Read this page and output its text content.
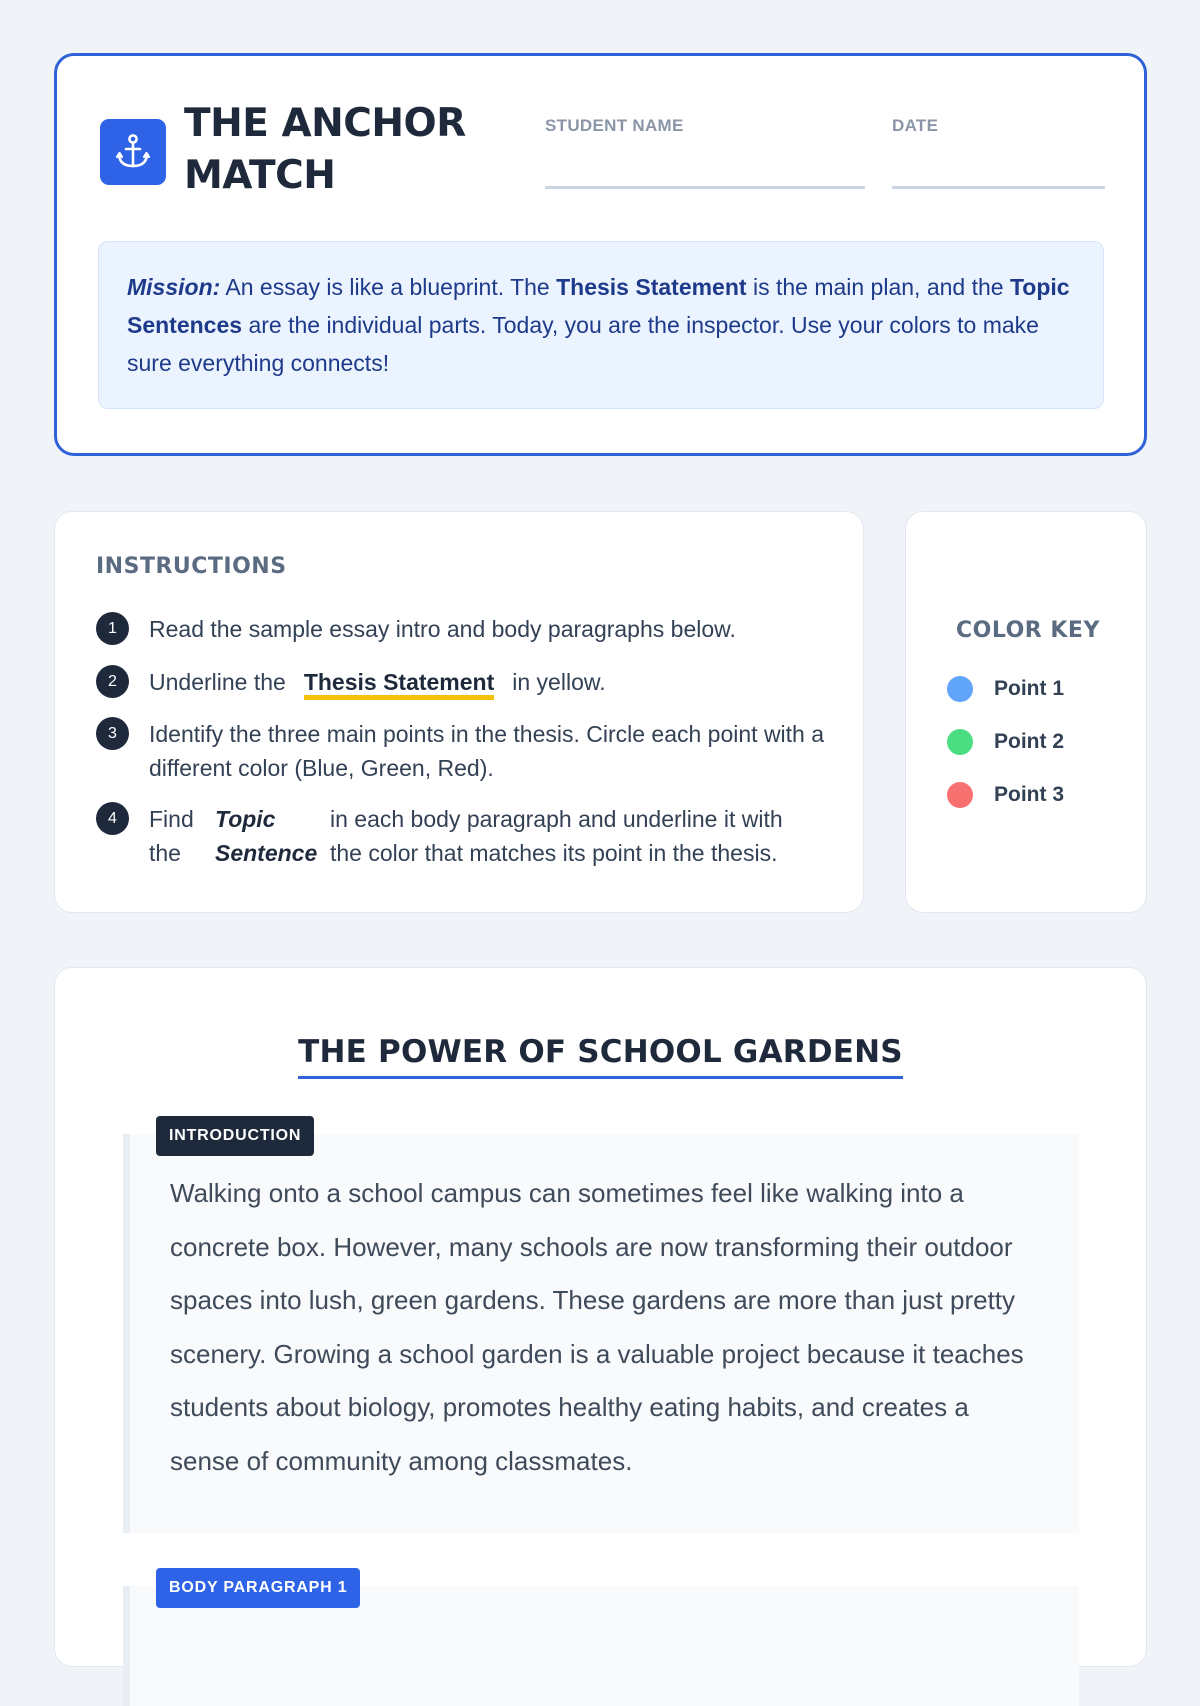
THE ANCHOR MATCH
STUDENT NAME	DATE
Mission: An essay is like a blueprint. The Thesis Statement is the main plan, and the Topic Sentences are the individual parts. Today, you are the inspector. Use your colors to make sure everything connects!
INSTRUCTIONS
1	Read the sample essay intro and body paragraphs below.
2	Underline the Thesis Statement in yellow.
3	Identify the three main points in the thesis. Circle each point with a different color (Blue, Green, Red).
4	Find Topic	in each body paragraph and underline it with
the	Sentence the color that matches its point in the thesis.
COLOR KEY
Point 1
Point 2
Point 3
THE POWER OF SCHOOL GARDENS
Walking onto a school campus can sometimes feel like walking into a concrete box. However, many schools are now transforming their outdoor spaces into lush, green gardens. These gardens are more than just pretty scenery. Growing a school garden is a valuable project because it teaches students about biology, promotes healthy eating habits, and creates a sense of community among classmates.
INTRODUCTION
BODY PARAGRAPH 1
